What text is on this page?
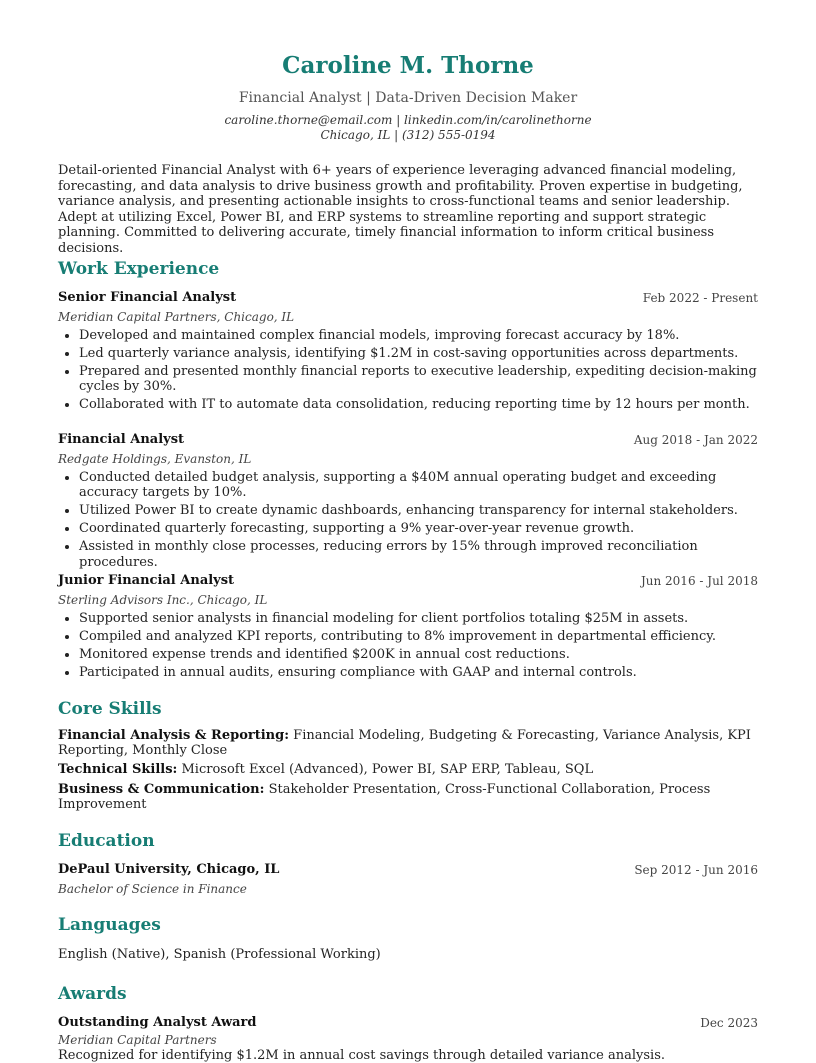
Caroline M. Thorne
Financial Analyst | Data-Driven Decision Maker
caroline.thorne@email.com | linkedin.com/in/carolinethorne
Chicago, IL | (312) 555-0194
Detail-oriented Financial Analyst with 6+ years of experience leveraging advanced financial modeling, forecasting, and data analysis to drive business growth and profitability. Proven expertise in budgeting, variance analysis, and presenting actionable insights to cross-functional teams and senior leadership. Adept at utilizing Excel, Power BI, and ERP systems to streamline reporting and support strategic planning. Committed to delivering accurate, timely financial information to inform critical business decisions.
Work Experience
Senior Financial Analyst	Feb 2022 - Present
Meridian Capital Partners, Chicago, IL
• Developed and maintained complex financial models, improving forecast accuracy by 18%.
• Led quarterly variance analysis, identifying $1.2M in cost-saving opportunities across departments.
• Prepared and presented monthly financial reports to executive leadership, expediting decision-making cycles by 30%.
• Collaborated with IT to automate data consolidation, reducing reporting time by 12 hours per month.
Financial Analyst	Aug 2018 - Jan 2022
Redgate Holdings, Evanston, IL
• Conducted detailed budget analysis, supporting a $40M annual operating budget and exceeding accuracy targets by 10%.
• Utilized Power BI to create dynamic dashboards, enhancing transparency for internal stakeholders.
• Coordinated quarterly forecasting, supporting a 9% year-over-year revenue growth.
• Assisted in monthly close processes, reducing errors by 15% through improved reconciliation procedures.
Junior Financial Analyst	Jun 2016 - Jul 2018
Sterling Advisors Inc., Chicago, IL
• Supported senior analysts in financial modeling for client portfolios totaling $25M in assets.
• Compiled and analyzed KPI reports, contributing to 8% improvement in departmental efficiency.
• Monitored expense trends and identified $200K in annual cost reductions.
• Participated in annual audits, ensuring compliance with GAAP and internal controls.
Core Skills
Financial Analysis & Reporting: Financial Modeling, Budgeting & Forecasting, Variance Analysis, KPI Reporting, Monthly Close
Technical Skills: Microsoft Excel (Advanced), Power BI, SAP ERP, Tableau, SQL
Business & Communication: Stakeholder Presentation, Cross-Functional Collaboration, Process Improvement
Education
DePaul University, Chicago, IL	Sep 2012 - Jun 2016
Bachelor of Science in Finance
Languages
English (Native), Spanish (Professional Working)
Awards
Outstanding Analyst Award	Dec 2023
Meridian Capital Partners
Recognized for identifying $1.2M in annual cost savings through detailed variance analysis.
